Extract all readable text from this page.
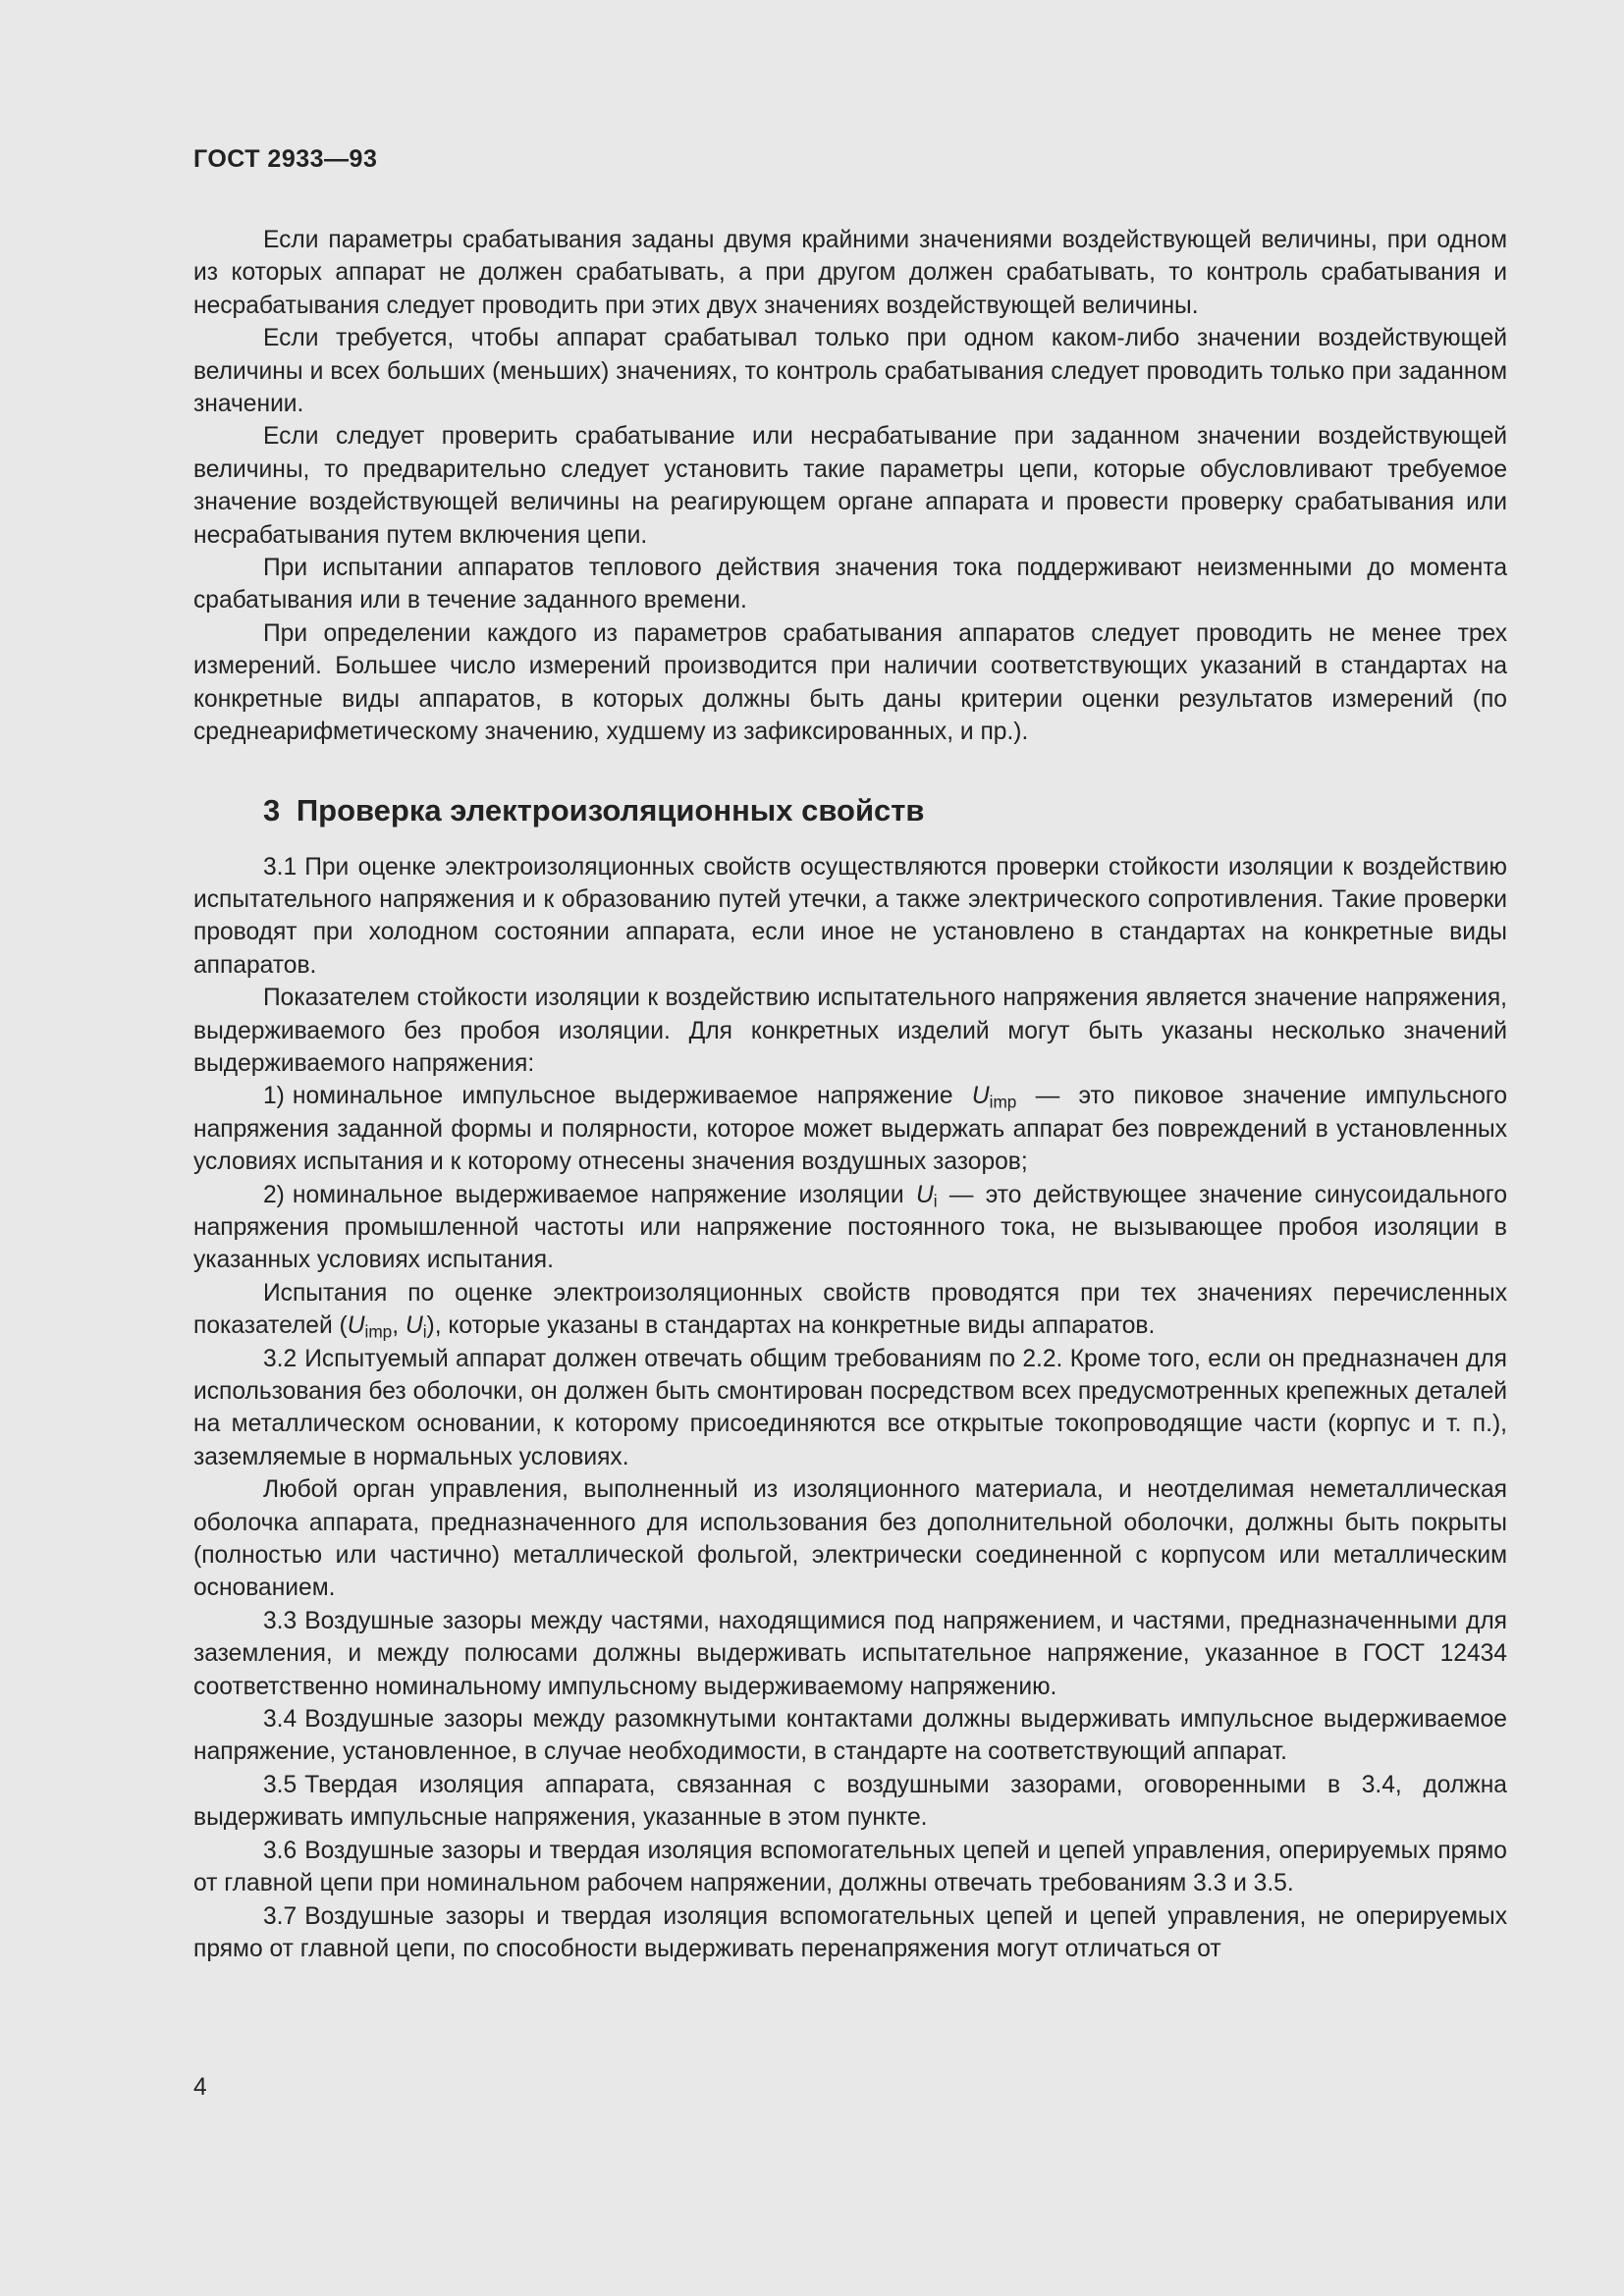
ГОСТ 2933—93

Если параметры срабатывания заданы двумя крайними значениями воздействующей величины, при одном из которых аппарат не должен срабатывать, а при другом должен срабатывать, то контроль срабатывания и несрабатывания следует проводить при этих двух значениях воздействующей величины.

Если требуется, чтобы аппарат срабатывал только при одном каком-либо значении воздействующей величины и всех больших (меньших) значениях, то контроль срабатывания следует проводить только при заданном значении.

Если следует проверить срабатывание или несрабатывание при заданном значении воздействующей величины, то предварительно следует установить такие параметры цепи, которые обусловливают требуемое значение воздействующей величины на реагирующем органе аппарата и провести проверку срабатывания или несрабатывания путем включения цепи.

При испытании аппаратов теплового действия значения тока поддерживают неизменными до момента срабатывания или в течение заданного времени.

При определении каждого из параметров срабатывания аппаратов следует проводить не менее трех измерений. Большее число измерений производится при наличии соответствующих указаний в стандартах на конкретные виды аппаратов, в которых должны быть даны критерии оценки результатов измерений (по среднеарифметическому значению, худшему из зафиксированных, и пр.).

3 Проверка электроизоляционных свойств

3.1 При оценке электроизоляционных свойств осуществляются проверки стойкости изоляции к воздействию испытательного напряжения и к образованию путей утечки, а также электрического сопротивления. Такие проверки проводят при холодном состоянии аппарата, если иное не установлено в стандартах на конкретные виды аппаратов.

Показателем стойкости изоляции к воздействию испытательного напряжения является значение напряжения, выдерживаемого без пробоя изоляции. Для конкретных изделий могут быть указаны несколько значений выдерживаемого напряжения:

1) номинальное импульсное выдерживаемое напряжение $U_{imp}$ — это пиковое значение импульсного напряжения заданной формы и полярности, которое может выдержать аппарат без повреждений в установленных условиях испытания и к которому отнесены значения воздушных зазоров;

2) номинальное выдерживаемое напряжение изоляции $U_i$ — это действующее значение синусоидального напряжения промышленной частоты или напряжение постоянного тока, не вызывающее пробоя изоляции в указанных условиях испытания.

Испытания по оценке электроизоляционных свойств проводятся при тех значениях перечисленных показателей ($U_{imp}$, $U_i$), которые указаны в стандартах на конкретные виды аппаратов.

3.2 Испытуемый аппарат должен отвечать общим требованиям по 2.2. Кроме того, если он предназначен для использования без оболочки, он должен быть смонтирован посредством всех предусмотренных крепежных деталей на металлическом основании, к которому присоединяются все открытые токопроводящие части (корпус и т. п.), заземляемые в нормальных условиях.

Любой орган управления, выполненный из изоляционного материала, и неотделимая неметаллическая оболочка аппарата, предназначенного для использования без дополнительной оболочки, должны быть покрыты (полностью или частично) металлической фольгой, электрически соединенной с корпусом или металлическим основанием.

3.3 Воздушные зазоры между частями, находящимися под напряжением, и частями, предназначенными для заземления, и между полюсами должны выдерживать испытательное напряжение, указанное в ГОСТ 12434 соответственно номинальному импульсному выдерживаемому напряжению.

3.4 Воздушные зазоры между разомкнутыми контактами должны выдерживать импульсное выдерживаемое напряжение, установленное, в случае необходимости, в стандарте на соответствующий аппарат.

3.5 Твердая изоляция аппарата, связанная с воздушными зазорами, оговоренными в 3.4, должна выдерживать импульсные напряжения, указанные в этом пункте.

3.6 Воздушные зазоры и твердая изоляция вспомогательных цепей и цепей управления, оперируемых прямо от главной цепи при номинальном рабочем напряжении, должны отвечать требованиям 3.3 и 3.5.

3.7 Воздушные зазоры и твердая изоляция вспомогательных цепей и цепей управления, не оперируемых прямо от главной цепи, по способности выдерживать перенапряжения могут отличаться от

4
